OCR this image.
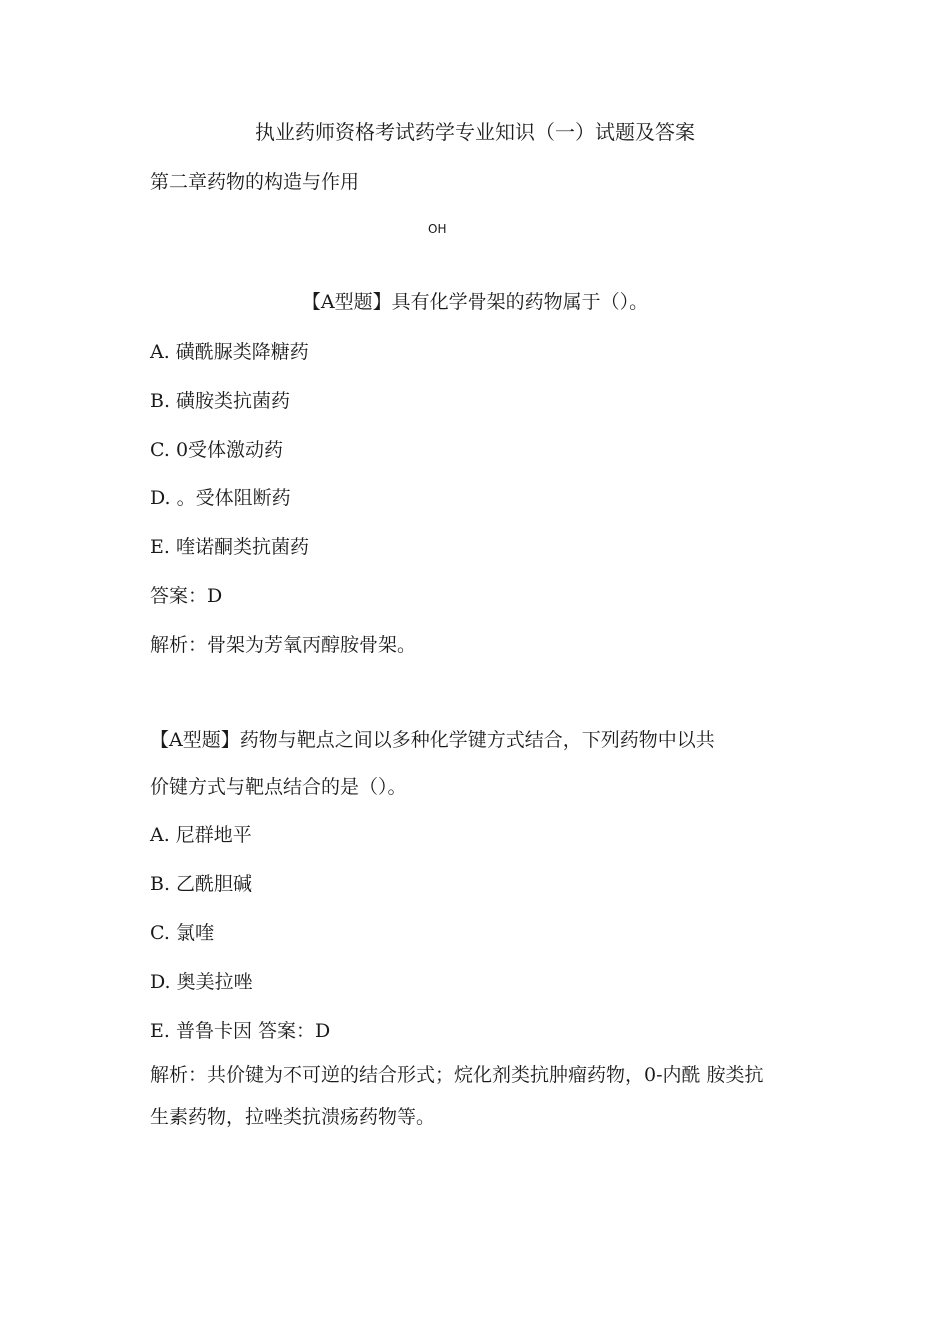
执业药师资格考试药学专业知识（一）试题及答案
第二章药物的构造与作用
OH
【A型题】具有化学骨架的药物属于（）。
A. 磺酰脲类降糖药
B. 磺胺类抗菌药
C. 0受体激动药
D. 。受体阻断药
E. 喹诺酮类抗菌药
答案：D
解析：骨架为芳氧丙醇胺骨架。
【A型题】药物与靶点之间以多种化学键方式结合，下列药物中以共
价键方式与靶点结合的是（）。
A. 尼群地平
B. 乙酰胆碱
C. 氯喹
D. 奥美拉唑
E. 普鲁卡因 答案：D
解析：共价键为不可逆的结合形式；烷化剂类抗肿瘤药物，0-内酰 胺类抗
生素药物，拉唑类抗溃疡药物等。
